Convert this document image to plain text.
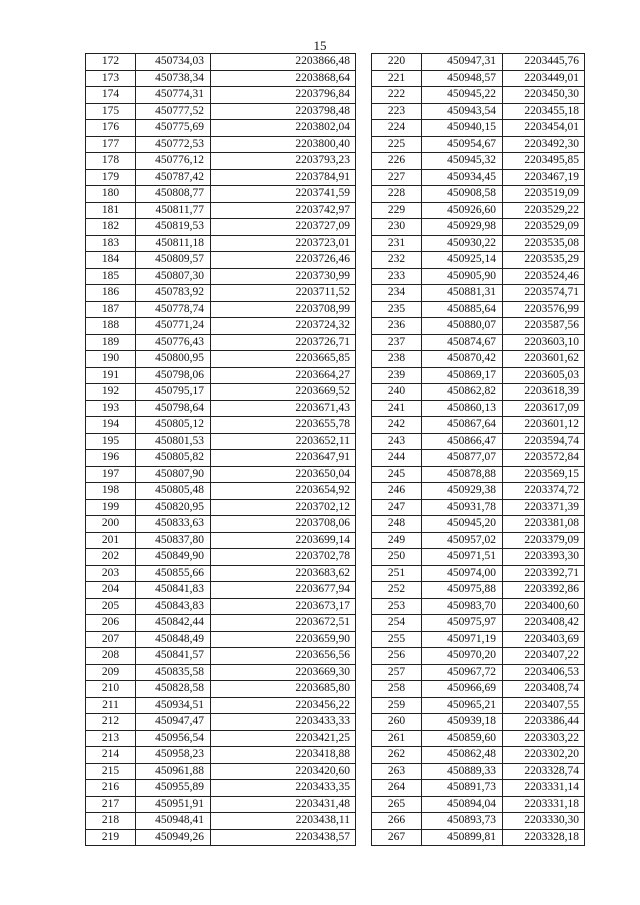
15
172	450734,03	2203866,48
173	450738,34	2203868,64
174	450774,31	2203796,84
175	450777,52	2203798,48
176	450775,69	2203802,04
177	450772,53	2203800,40
178	450776,12	2203793,23
179	450787,42	2203784,91
180	450808,77	2203741,59
181	450811,77	2203742,97
182	450819,53	2203727,09
183	450811,18	2203723,01
184	450809,57	2203726,46
185	450807,30	2203730,99
186	450783,92	2203711,52
187	450778,74	2203708,99
188	450771,24	2203724,32
189	450776,43	2203726,71
190	450800,95	2203665,85
191	450798,06	2203664,27
192	450795,17	2203669,52
193	450798,64	2203671,43
194	450805,12	2203655,78
195	450801,53	2203652,11
196	450805,82	2203647,91
197	450807,90	2203650,04
198	450805,48	2203654,92
199	450820,95	2203702,12
200	450833,63	2203708,06
201	450837,80	2203699,14
202	450849,90	2203702,78
203	450855,66	2203683,62
204	450841,83	2203677,94
205	450843,83	2203673,17
206	450842,44	2203672,51
207	450848,49	2203659,90
208	450841,57	2203656,56
209	450835,58	2203669,30
210	450828,58	2203685,80
211	450934,51	2203456,22
212	450947,47	2203433,33
213	450956,54	2203421,25
214	450958,23	2203418,88
215	450961,88	2203420,60
216	450955,89	2203433,35
217	450951,91	2203431,48
218	450948,41	2203438,11
219	450949,26	2203438,57
220	450947,31	2203445,76
221	450948,57	2203449,01
222	450945,22	2203450,30
223	450943,54	2203455,18
224	450940,15	2203454,01
225	450954,67	2203492,30
226	450945,32	2203495,85
227	450934,45	2203467,19
228	450908,58	2203519,09
229	450926,60	2203529,22
230	450929,98	2203529,09
231	450930,22	2203535,08
232	450925,14	2203535,29
233	450905,90	2203524,46
234	450881,31	2203574,71
235	450885,64	2203576,99
236	450880,07	2203587,56
237	450874,67	2203603,10
238	450870,42	2203601,62
239	450869,17	2203605,03
240	450862,82	2203618,39
241	450860,13	2203617,09
242	450867,64	2203601,12
243	450866,47	2203594,74
244	450877,07	2203572,84
245	450878,88	2203569,15
246	450929,38	2203374,72
247	450931,78	2203371,39
248	450945,20	2203381,08
249	450957,02	2203379,09
250	450971,51	2203393,30
251	450974,00	2203392,71
252	450975,88	2203392,86
253	450983,70	2203400,60
254	450975,97	2203408,42
255	450971,19	2203403,69
256	450970,20	2203407,22
257	450967,72	2203406,53
258	450966,69	2203408,74
259	450965,21	2203407,55
260	450939,18	2203386,44
261	450859,60	2203303,22
262	450862,48	2203302,20
263	450889,33	2203328,74
264	450891,73	2203331,14
265	450894,04	2203331,18
266	450893,73	2203330,30
267	450899,81	2203328,18
